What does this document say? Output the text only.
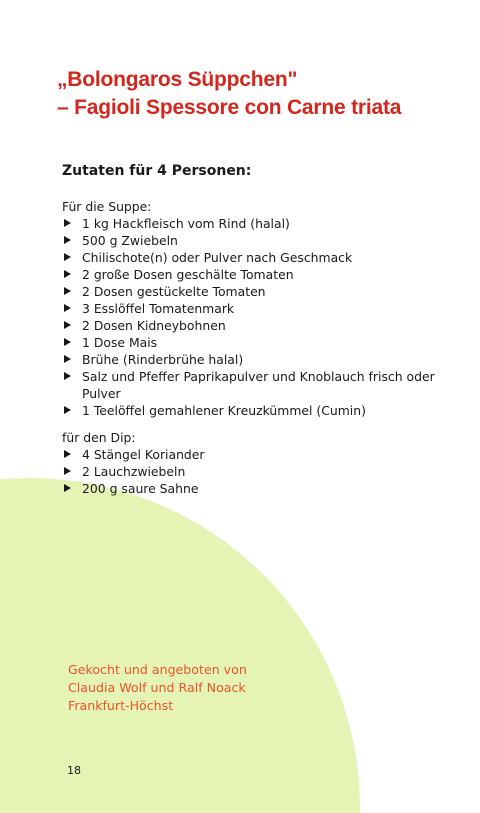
„Bolongaros Süppchen"
– Fagioli Spessore con Carne triata
Zutaten für 4 Personen:

Für die Suppe:

1 kg Hackfleisch vom Rind (halal)
500 g Zwiebeln
Chilischote(n) oder Pulver nach Geschmack
2 große Dosen geschälte Tomaten
2 Dosen gestückelte Tomaten
3 Esslöffel Tomatenmark
2 Dosen Kidneybohnen
1 Dose Mais
Brühe (Rinderbrühe halal)
Salz und Pfeffer Paprikapulver und Knoblauch frisch oder Pulver
1 Teelöffel gemahlener Kreuzkümmel (Cumin)

für den Dip:

4 Stängel Koriander
2 Lauchzwiebeln
200 g saure Sahne

Gekocht und angeboten von
Claudia Wolf und Ralf Noack
Frankfurt-Höchst

18
